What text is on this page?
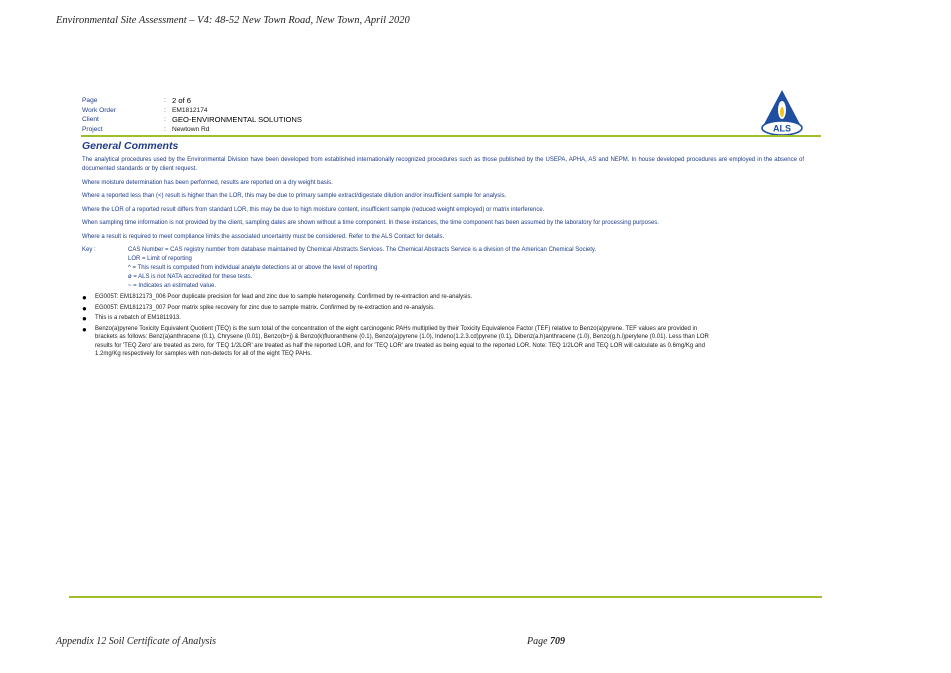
Environmental Site Assessment – V4: 48-52 New Town Road, New Town, April 2020
Page	: 2 of 6
Work Order	: EM1812174
Client	: GEO-ENVIRONMENTAL SOLUTIONS
Project	: Newtown Rd	ALS
General Comments

The analytical procedures used by the Environmental Division have been developed from established internationally recognized procedures such as those published by the USEPA, APHA, AS and NEPM. In house developed procedures are employed in the absence of documented standards or by client request.

Where moisture determination has been performed, results are reported on a dry weight basis.

Where a reported less than (<) result is higher than the LOR, this may be due to primary sample extract/digestate dilution and/or insufficient sample for analysis.

Where the LOR of a reported result differs from standard LOR, this may be due to high moisture content, insufficient sample (reduced weight employed) or matrix interference.

When sampling time information is not provided by the client, sampling dates are shown without a time component. In these instances, the time component has been assumed by the laboratory for processing purposes.

Where a result is required to meet compliance limits the associated uncertainty must be considered. Refer to the ALS Contact for details.

Key :	CAS Number = CAS registry number from database maintained by Chemical Abstracts Services. The Chemical Abstracts Service is a division of the American Chemical Society.
LOR = Limit of reporting
^ = This result is computed from individual analyte detections at or above the level of reporting
ø = ALS is not NATA accredited for these tests.
~ = Indicates an estimated value.
●	EG005T: EM1812173_006 Poor duplicate precision for lead and zinc due to sample heterogeneity. Confirmed by re-extraction and re-analysis.
●	EG005T: EM1812173_007 Poor matrix spike recovery for zinc due to sample matrix. Confirmed by re-extraction and re-analysis.
●	This is a rebatch of EM1811913.
●	Benzo(a)pyrene Toxicity Equivalent Quotient (TEQ) is the sum total of the concentration of the eight carcinogenic PAHs multiplied by their Toxicity Equivalence Factor (TEF) relative to Benzo(a)pyrene. TEF values are provided in brackets as follows: Benz(a)anthracene (0.1), Chrysene (0.01), Benzo(b+j) & Benzo(k)fluoranthene (0.1), Benzo(a)pyrene (1.0), Indeno(1.2.3.cd)pyrene (0.1), Dibenz(a.h)anthracene (1.0), Benzo(g.h.i)perylene (0.01). Less than LOR results for 'TEQ Zero' are treated as zero, for 'TEQ 1/2LOR' are treated as half the reported LOR, and for 'TEQ LOR' are treated as being equal to the reported LOR. Note: TEQ 1/2LOR and TEQ LOR will calculate as 0.6mg/Kg and 1.2mg/Kg respectively for samples with non-detects for all of the eight TEQ PAHs.
Appendix 12 Soil Certificate of Analysis	Page 709
